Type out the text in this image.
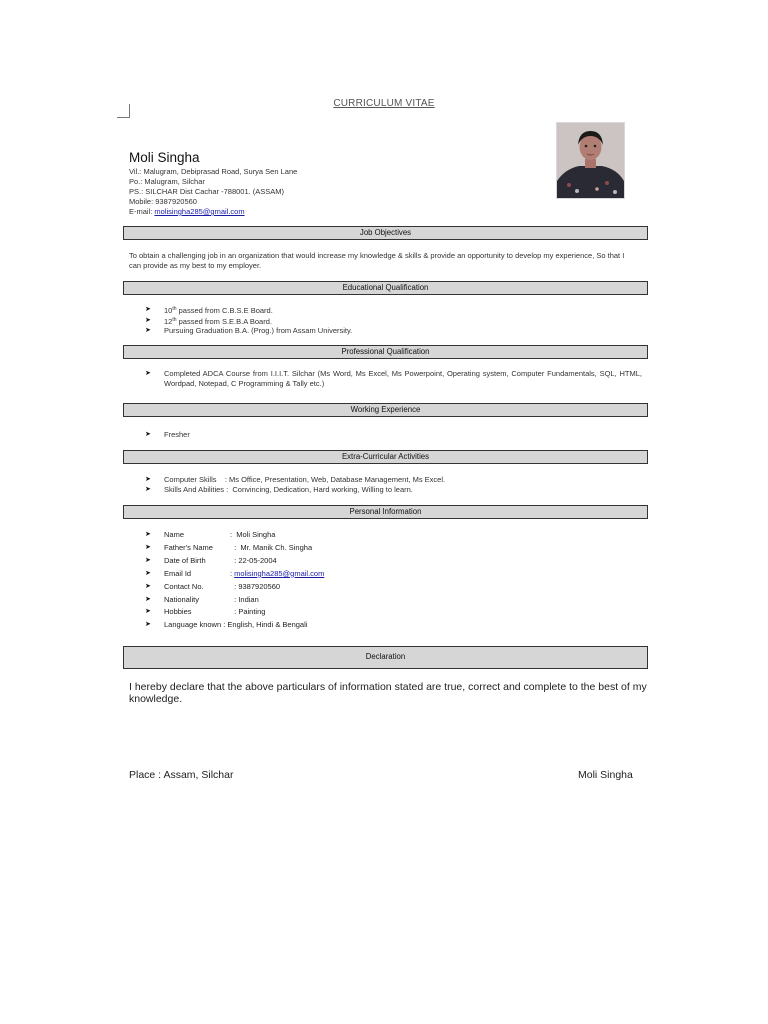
CURRICULUM VITAE
Moli Singha
Vil.: Malugram, Debiprasad Road, Surya Sen Lane
Po.: Malugram, Silchar
PS.: SILCHAR Dist Cachar -788001. (ASSAM)
Mobile: 9387920560
E-mail: molisingha285@gmail.com
Job Objectives
To obtain a challenging job in an organization that would increase my knowledge & skills & provide an opportunity to develop my experience, So that I can provide as my best to my employer.
Educational Qualification
➤ 10th passed from C.B.S.E Board.
➤ 12th passed from S.E.B.A Board.
➤ Pursuing Graduation B.A. (Prog.) from Assam University.
Professional Qualification
➤ Completed ADCA Course from I.I.I.T. Silchar (Ms Word, Ms Excel, Ms Powerpoint, Operating system, Computer Fundamentals, SQL, HTML, Wordpad, Notepad, C Programming & Tally etc.)
Working Experience
➤ Fresher
Extra-Curricular Activities
➤ Computer Skills    : Ms Office, Presentation, Web, Database Management, Ms Excel.
➤ Skills And Abilities :  Convincing, Dedication, Hard working, Willing to learn.
Personal Information
➤ Name	:  Moli Singha
➤ Father's Name  :  Mr. Manik Ch. Singha
➤ Date of Birth	: 22-05-2004
➤ Email Id	: molisingha285@gmail.com
➤ Contact No.	: 9387920560
➤ Nationality	: Indian
➤ Hobbies	: Painting
➤ Language known : English, Hindi & Bengali
Declaration
I hereby declare that the above particulars of information stated are true, correct and complete to the best of my knowledge.
Place : Assam, Silchar	Moli Singha
